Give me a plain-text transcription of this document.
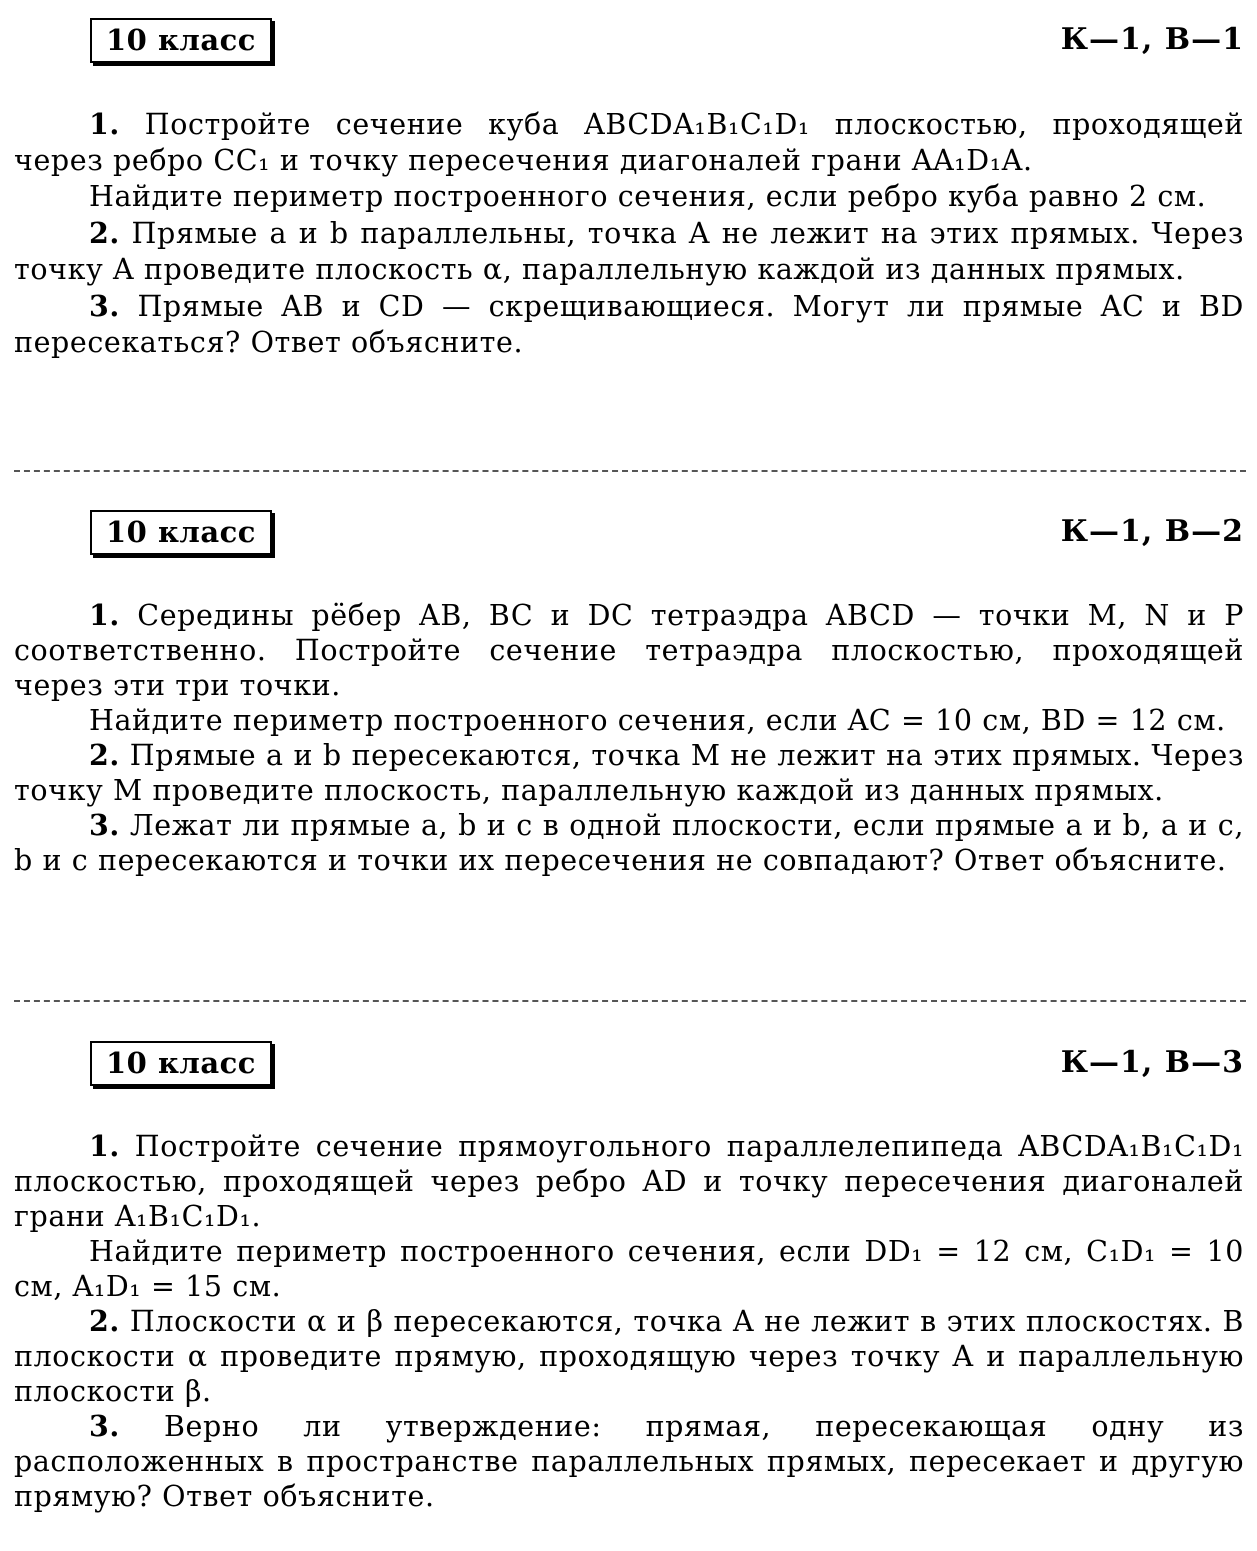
10 класс	К—1, В—1

1. Постройте сечение куба ABCDA₁B₁C₁D₁ плоскостью, проходящей через ребро CC₁ и точку пересечения диагоналей грани AA₁D₁A.

Найдите периметр построенного сечения, если ребро куба равно 2 см.

2. Прямые a и b параллельны, точка A не лежит на этих прямых. Через точку A проведите плоскость α, параллельную каждой из данных прямых.

3. Прямые AB и CD — скрещивающиеся. Могут ли прямые AC и BD пересекаться? Ответ объясните.

10 класс	К—1, В—2

1. Середины рёбер AB, BC и DC тетраэдра ABCD — точки M, N и P соответственно. Постройте сечение тетраэдра плоскостью, проходящей через эти три точки.

Найдите периметр построенного сечения, если AC = 10 см, BD = 12 см.

2. Прямые a и b пересекаются, точка M не лежит на этих прямых. Через точку M проведите плоскость, параллельную каждой из данных прямых.

3. Лежат ли прямые a, b и c в одной плоскости, если прямые a и b, a и c, b и c пересекаются и точки их пересечения не совпадают? Ответ объясните.

10 класс	К—1, В—3

1. Постройте сечение прямоугольного параллелепипеда ABCDA₁B₁C₁D₁ плоскостью, проходящей через ребро AD и точку пересечения диагоналей грани A₁B₁C₁D₁.

Найдите периметр построенного сечения, если DD₁ = 12 см, C₁D₁ = 10 см, A₁D₁ = 15 см.

2. Плоскости α и β пересекаются, точка A не лежит в этих плоскостях. В плоскости α проведите прямую, проходящую через точку A и параллельную плоскости β.

3. Верно ли утверждение: прямая, пересекающая одну из расположенных в пространстве параллельных прямых, пересекает и другую прямую? Ответ объясните.
